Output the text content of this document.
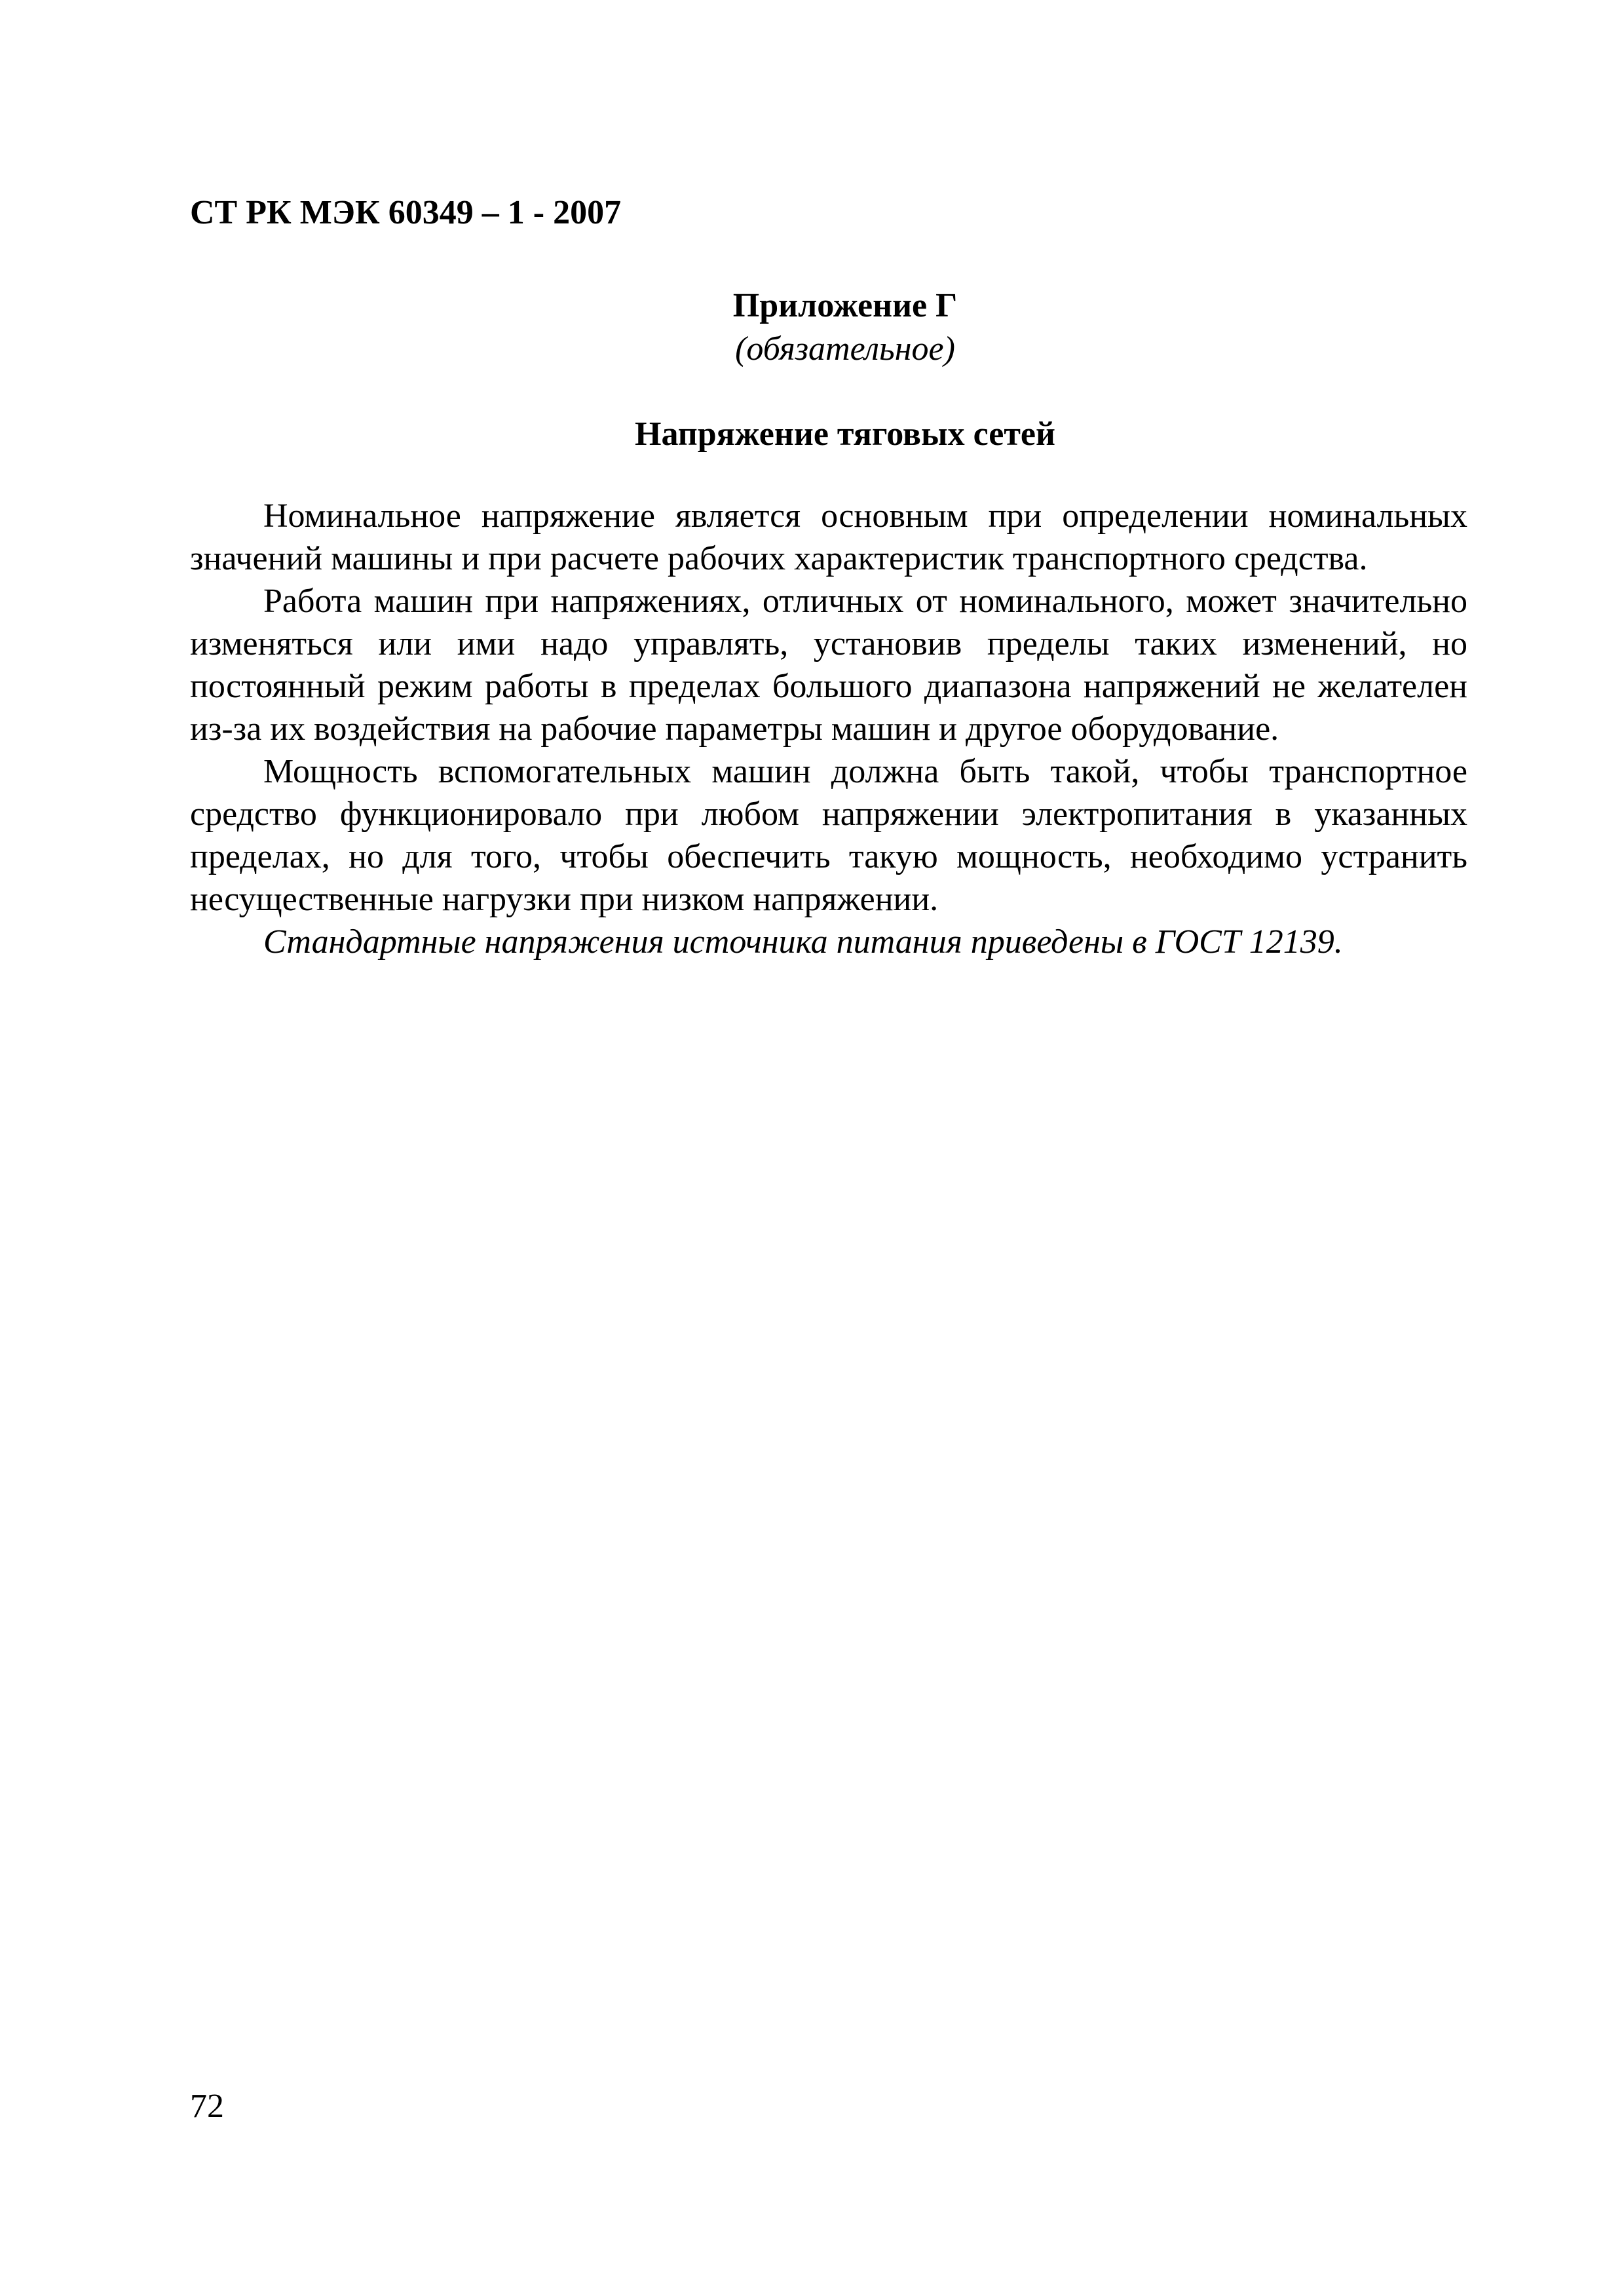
СТ РК МЭК 60349 – 1 - 2007
Приложение Г
(обязательное)
Напряжение тяговых сетей

Номинальное напряжение является основным при определении номинальных значений машины и при расчете рабочих характеристик транспортного средства.

Работа машин при напряжениях, отличных от номинального, может значительно изменяться или ими надо управлять, установив пределы таких изменений, но постоянный режим работы в пределах большого диапазона напряжений не желателен из-за их воздействия на рабочие параметры машин и другое оборудование.

Мощность вспомогательных машин должна быть такой, чтобы транспортное средство функционировало при любом напряжении электропитания в указанных пределах, но для того, чтобы обеспечить такую мощность, необходимо устранить несущественные нагрузки при низком напряжении.

Стандартные напряжения источника питания приведены в ГОСТ 12139.

72
